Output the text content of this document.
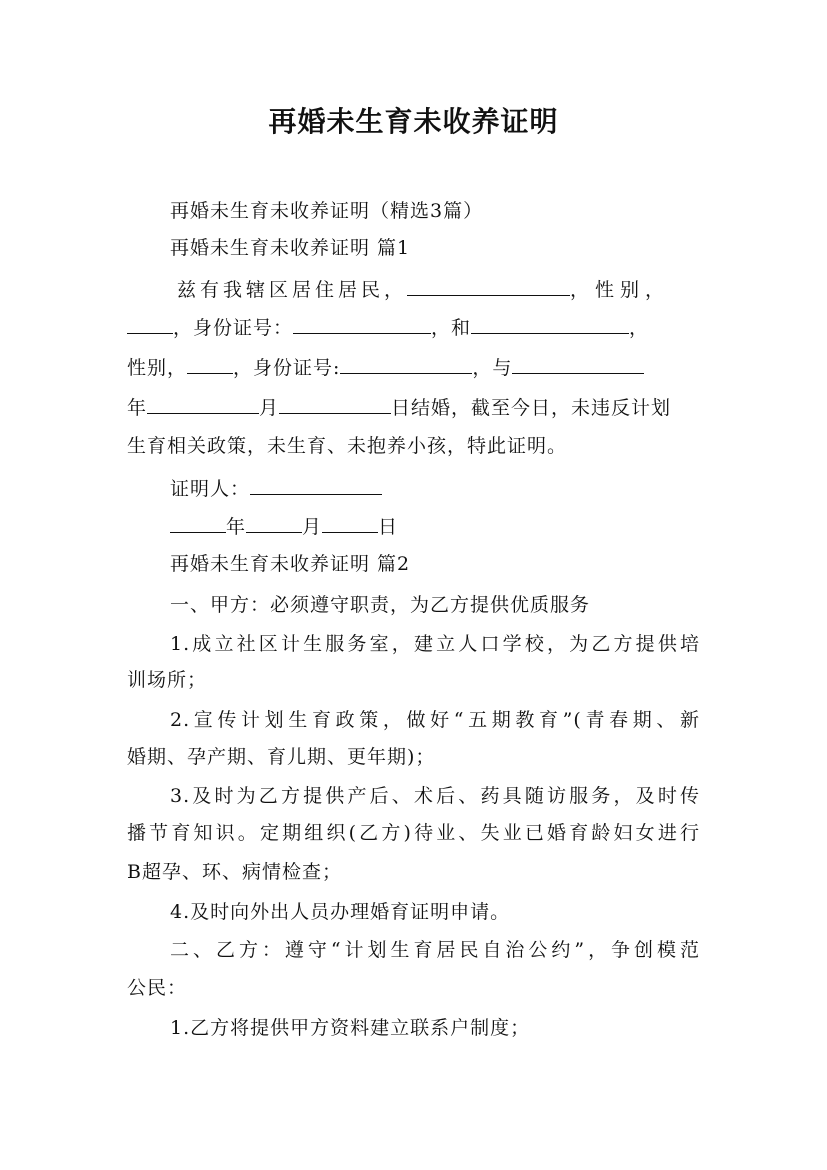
再婚未生育未收养证明
再婚未生育未收养证明（精选3篇）
再婚未生育未收养证明 篇1
兹有我辖区居住居民，	，性别，
，身份证号：	，和	，
性别， ，身份证号:	，与
年	月	日结婚，截至今日，未违反计划
生育相关政策，未生育、未抱养小孩，特此证明。
证明人：
年	月	日
再婚未生育未收养证明 篇2
一、甲方：必须遵守职责，为乙方提供优质服务
1.成立社区计生服务室，建立人口学校，为乙方提供培
训场所；
2.宣传计划生育政策，做好“五期教育”(青春期、新
婚期、孕产期、育儿期、更年期)；
3.及时为乙方提供产后、术后、药具随访服务，及时传
播节育知识。定期组织(乙方)待业、失业已婚育龄妇女进行
B超孕、环、病情检查；
4.及时向外出人员办理婚育证明申请。
二、乙方：遵守“计划生育居民自治公约”，争创模范
公民：
1.乙方将提供甲方资料建立联系户制度；
